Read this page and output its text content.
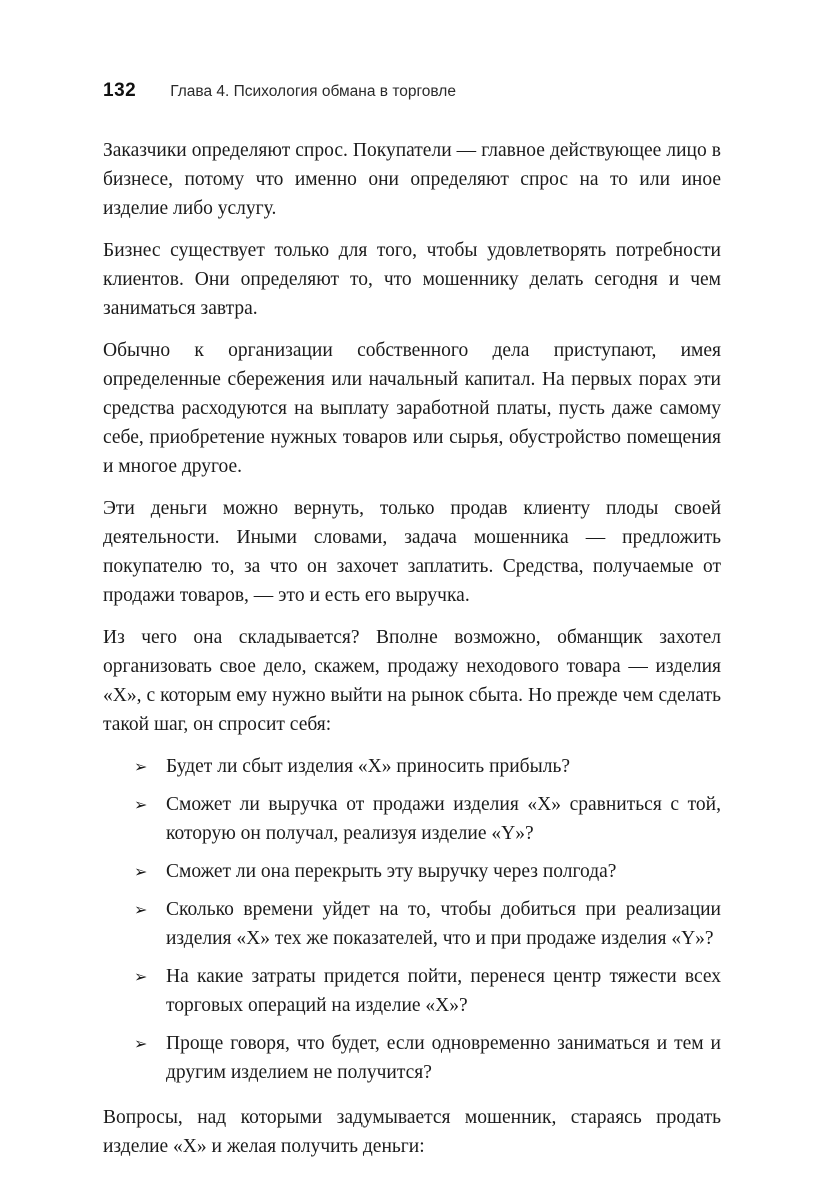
132 Глава 4. Психология обмана в торговле

Заказчики определяют спрос. Покупатели — главное действующее лицо в бизнесе, потому что именно они определяют спрос на то или иное изделие либо услугу.

Бизнес существует только для того, чтобы удовлетворять потребности клиентов. Они определяют то, что мошеннику делать сегодня и чем заниматься завтра.

Обычно к организации собственного дела приступают, имея определенные сбережения или начальный капитал. На первых порах эти средства расходуются на выплату заработной платы, пусть даже самому себе, приобретение нужных товаров или сырья, обустройство помещения и многое другое.

Эти деньги можно вернуть, только продав клиенту плоды своей деятельности. Иными словами, задача мошенника — предложить покупателю то, за что он захочет заплатить. Средства, получаемые от продажи товаров, — это и есть его выручка.

Из чего она складывается? Вполне возможно, обманщик захотел организовать свое дело, скажем, продажу неходового товара — изделия «X», с которым ему нужно выйти на рынок сбыта. Но прежде чем сделать такой шаг, он спросит себя:

➢ Будет ли сбыт изделия «X» приносить прибыль?
➢ Сможет ли выручка от продажи изделия «X» сравниться с той, которую он получал, реализуя изделие «Y»?
➢ Сможет ли она перекрыть эту выручку через полгода?
➢ Сколько времени уйдет на то, чтобы добиться при реализации изделия «X» тех же показателей, что и при продаже изделия «Y»?
➢ На какие затраты придется пойти, перенеся центр тяжести всех торговых операций на изделие «X»?
➢ Проще говоря, что будет, если одновременно заниматься и тем и другим изделием не получится?

Вопросы, над которыми задумывается мошенник, стараясь продать изделие «X» и желая получить деньги:
